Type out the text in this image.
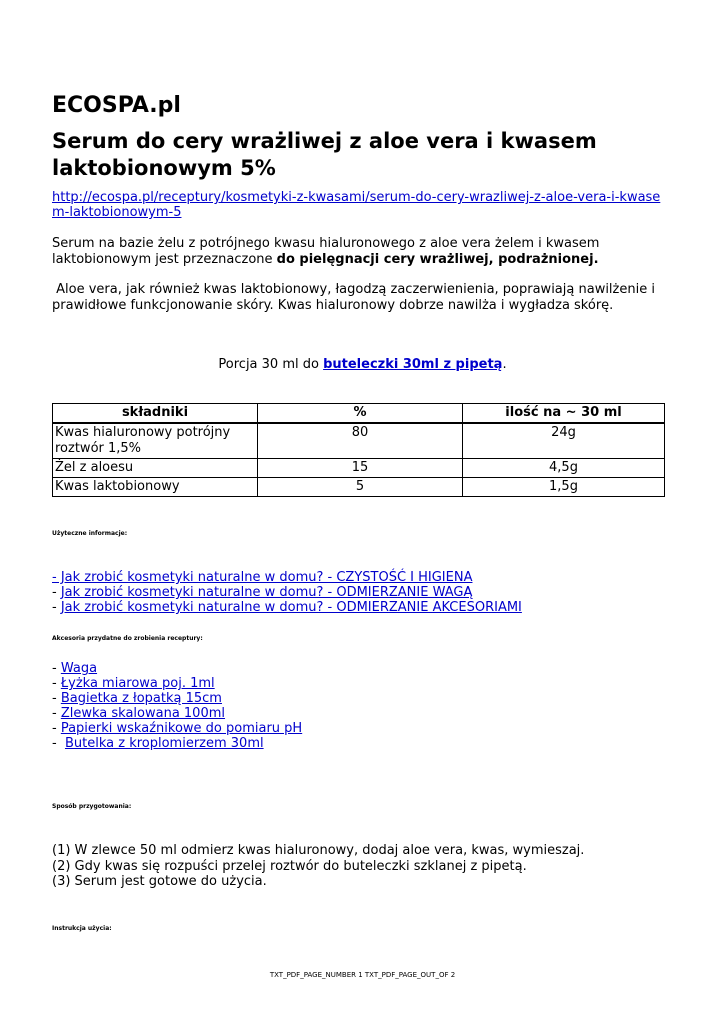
ECOSPA.pl
Serum do cery wrażliwej z aloe vera i kwasem laktobionowym 5%
http://ecospa.pl/receptury/kosmetyki-z-kwasami/serum-do-cery-wrazliwej-z-aloe-vera-i-kwasem-laktobionowym-5
Serum na bazie żelu z potrójnego kwasu hialuronowego z aloe vera żelem i kwasem laktobionowym jest przeznaczone do pielęgnacji cery wrażliwej, podrażnionej.
Aloe vera, jak również kwas laktobionowy, łagodzą zaczerwienienia, poprawiają nawilżenie i prawidłowe funkcjonowanie skóry. Kwas hialuronowy dobrze nawilża i wygładza skórę.
Porcja 30 ml do buteleczki 30ml z pipetą.
składniki	%	ilość na ~ 30 ml
Kwas hialuronowy potrójny roztwór 1,5%	80	24g
Żel z aloesu	15	4,5g
Kwas laktobionowy	5	1,5g
Użyteczne informacje:
- Jak zrobić kosmetyki naturalne w domu? - CZYSTOŚĆ I HIGIENA
- Jak zrobić kosmetyki naturalne w domu? - ODMIERZANIE WAGĄ
- Jak zrobić kosmetyki naturalne w domu? - ODMIERZANIE AKCESORIAMI
Akcesoria przydatne do zrobienia receptury:
- Waga
- Łyżka miarowa poj. 1ml
- Bagietka z łopatką 15cm
- Zlewka skalowana 100ml
- Papierki wskaźnikowe do pomiaru pH
-  Butelka z kroplomierzem 30ml
Sposób przygotowania:
(1) W zlewce 50 ml odmierz kwas hialuronowy, dodaj aloe vera, kwas, wymieszaj.
(2) Gdy kwas się rozpuści przelej roztwór do buteleczki szklanej z pipetą.
(3) Serum jest gotowe do użycia.
Instrukcja użycia:
TXT_PDF_PAGE_NUMBER 1 TXT_PDF_PAGE_OUT_OF 2
